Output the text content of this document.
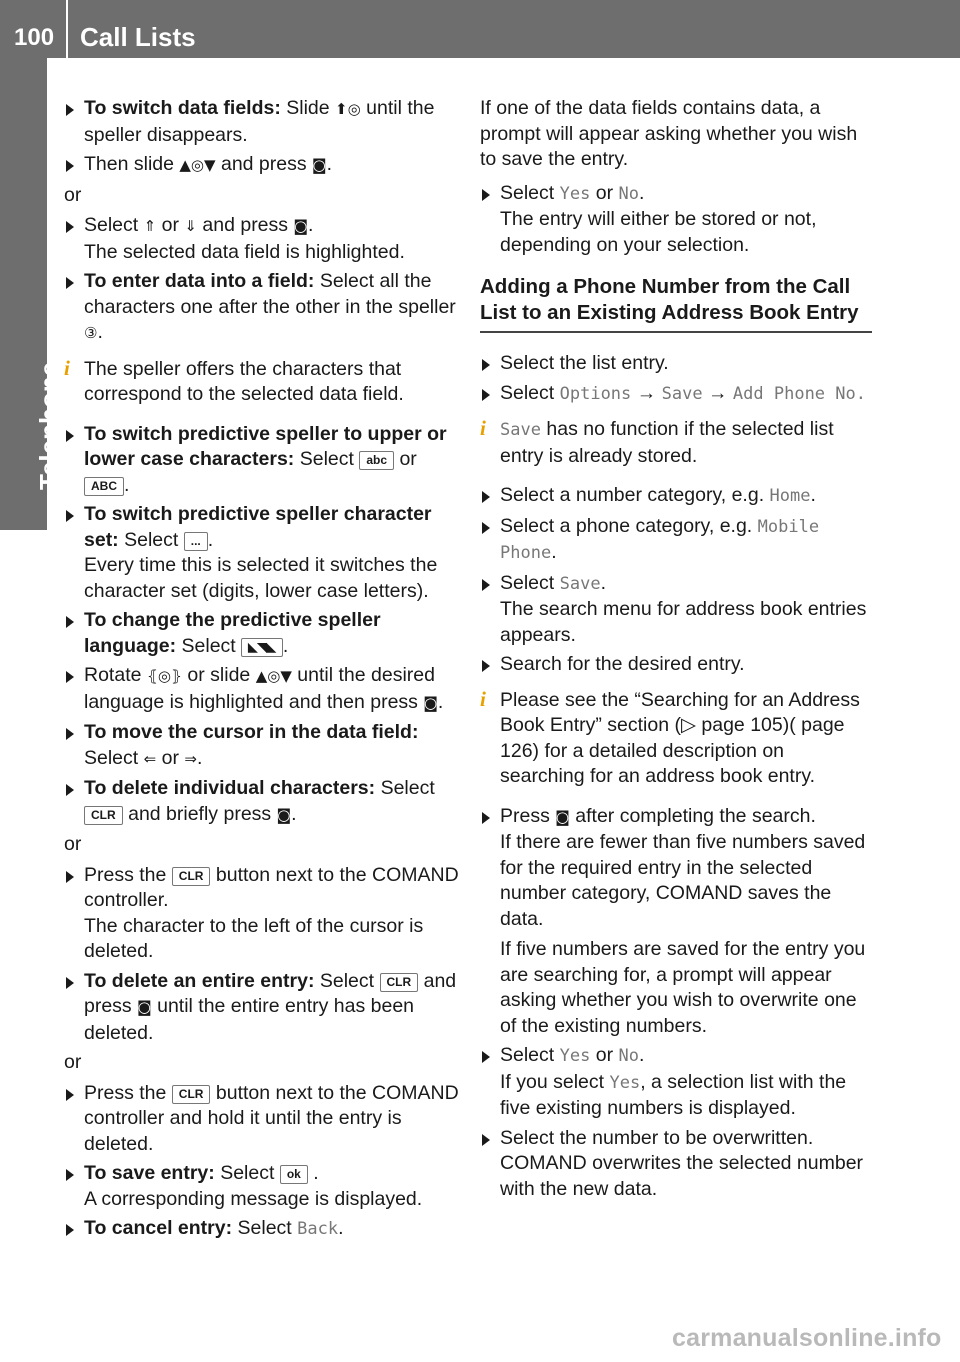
100 Call Lists
Telephone
To switch data fields: Slide ⬆◎ until the speller disappears.
Then slide ▲◎▼ and press ◙.
or
Select ⇑ or ⇓ and press ◙.
The selected data field is highlighted.
To enter data into a field: Select all the characters one after the other in the speller ③.
i The speller offers the characters that correspond to the selected data field.
To switch predictive speller to upper or lower case characters: Select abc or ABC .
To switch predictive speller character set: Select ... .
Every time this is selected it switches the character set (digits, lower case letters).
To change the predictive speller language: Select ◣◥◣ .
Rotate ⦃◎⦄ or slide ▲◎▼ until the desired language is highlighted and then press ◙.
To move the cursor in the data field:
Select ⇐ or ⇒.
To delete individual characters: Select
CLR and briefly press ◙.
or
Press the CLR button next to the COMAND controller.
The character to the left of the cursor is deleted.
To delete an entire entry: Select CLR and press ◙ until the entire entry has been deleted.
or
Press the CLR button next to the COMAND controller and hold it until the entry is deleted.
To save entry: Select ok .
A corresponding message is displayed.
To cancel entry: Select Back.
If one of the data fields contains data, a prompt will appear asking whether you wish to save the entry.
Select Yes or No.
The entry will either be stored or not, depending on your selection.
Adding a Phone Number from the Call List to an Existing Address Book Entry
Select the list entry.
Select Options → Save → Add Phone No.
i Save has no function if the selected list entry is already stored.
Select a number category, e.g. Home.
Select a phone category, e.g. Mobile Phone.
Select Save.
The search menu for address book entries appears.
Search for the desired entry.
i Please see the “Searching for an Address Book Entry” section (▷ page 105)( page 126) for a detailed description on searching for an address book entry.
Press ◙ after completing the search.
If there are fewer than five numbers saved for the required entry in the selected number category, COMAND saves the data.
If five numbers are saved for the entry you are searching for, a prompt will appear asking whether you wish to overwrite one of the existing numbers.
Select Yes or No.
If you select Yes, a selection list with the five existing numbers is displayed.
Select the number to be overwritten.
COMAND overwrites the selected number with the new data.
carmanualsonline.info
